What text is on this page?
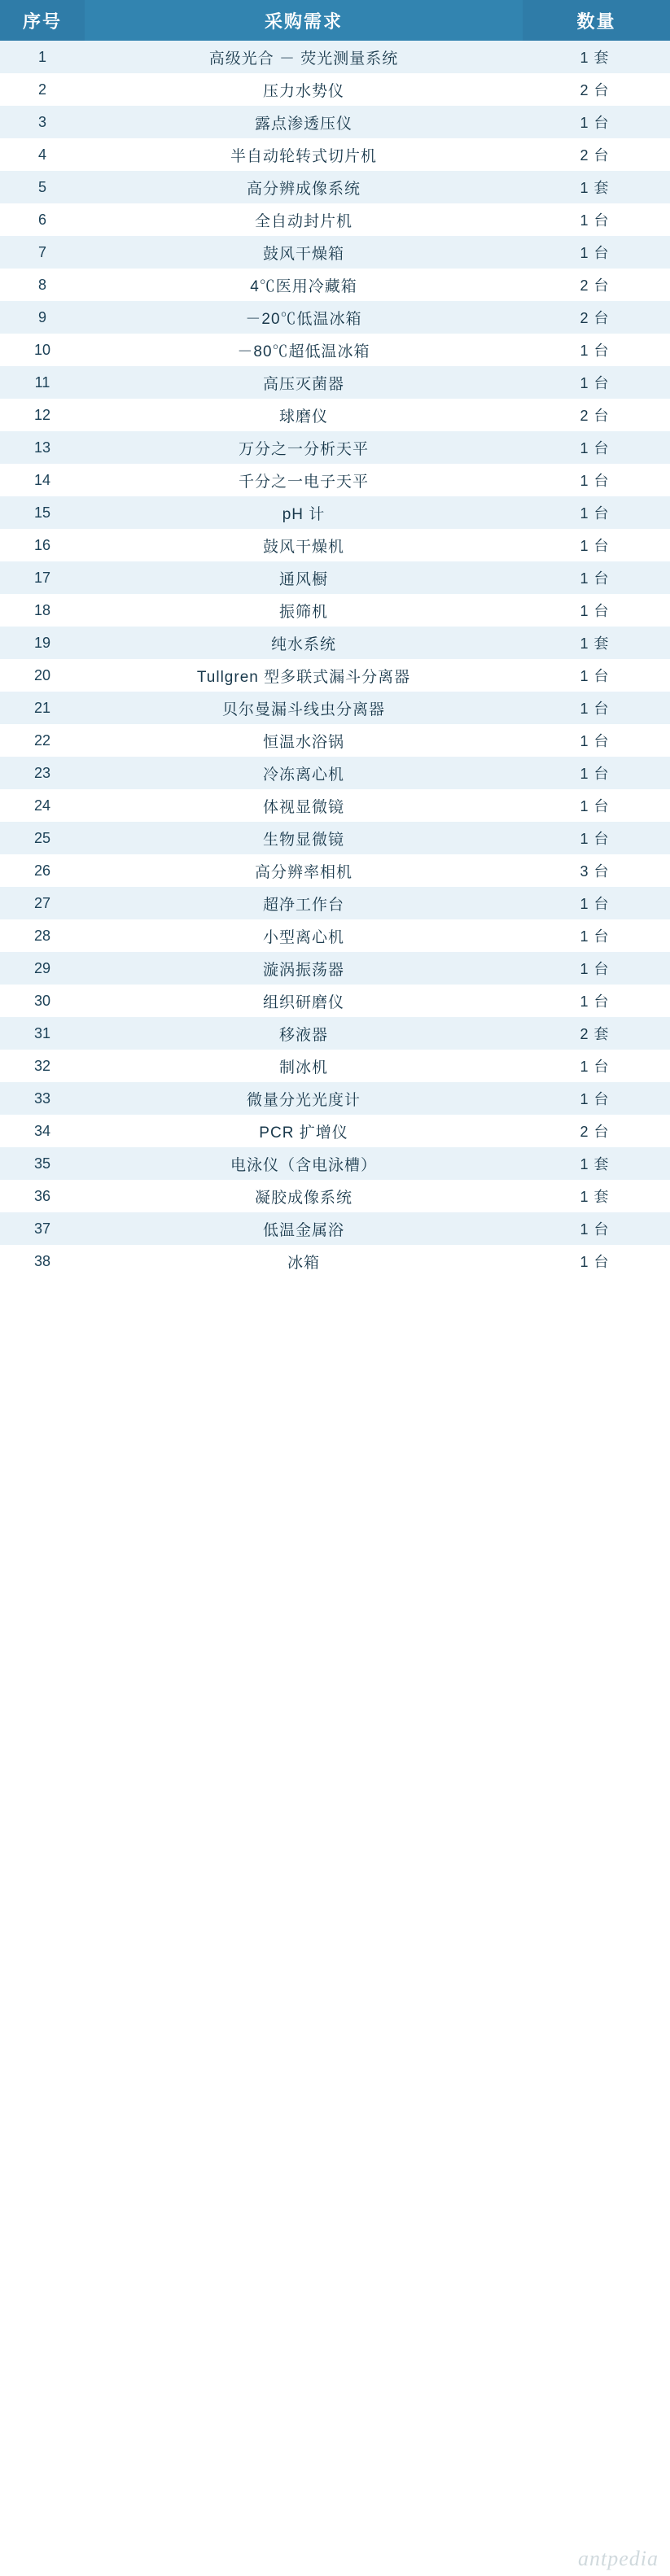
序号	采购需求	数量
1	高级光合 － 荧光测量系统	1 套
2	压力水势仪	2 台
3	露点渗透压仪	1 台
4	半自动轮转式切片机	2 台
5	高分辨成像系统	1 套
6	全自动封片机	1 台
7	鼓风干燥箱	1 台
8	4℃医用冷藏箱	2 台
9	－20℃低温冰箱	2 台
10	－80℃超低温冰箱	1 台
11	高压灭菌器	1 台
12	球磨仪	2 台
13	万分之一分析天平	1 台
14	千分之一电子天平	1 台
15	pH 计	1 台
16	鼓风干燥机	1 台
17	通风橱	1 台
18	振筛机	1 台
19	纯水系统	1 套
20	Tullgren 型多联式漏斗分离器	1 台
21	贝尔曼漏斗线虫分离器	1 台
22	恒温水浴锅	1 台
23	冷冻离心机	1 台
24	体视显微镜	1 台
25	生物显微镜	1 台
26	高分辨率相机	3 台
27	超净工作台	1 台
28	小型离心机	1 台
29	漩涡振荡器	1 台
30	组织研磨仪	1 台
31	移液器	2 套
32	制冰机	1 台
33	微量分光光度计	1 台
34	PCR 扩增仪	2 台
35	电泳仪（含电泳槽）	1 套
36	凝胶成像系统	1 套
37	低温金属浴	1 台
38	冰箱	1 台
antpedia
